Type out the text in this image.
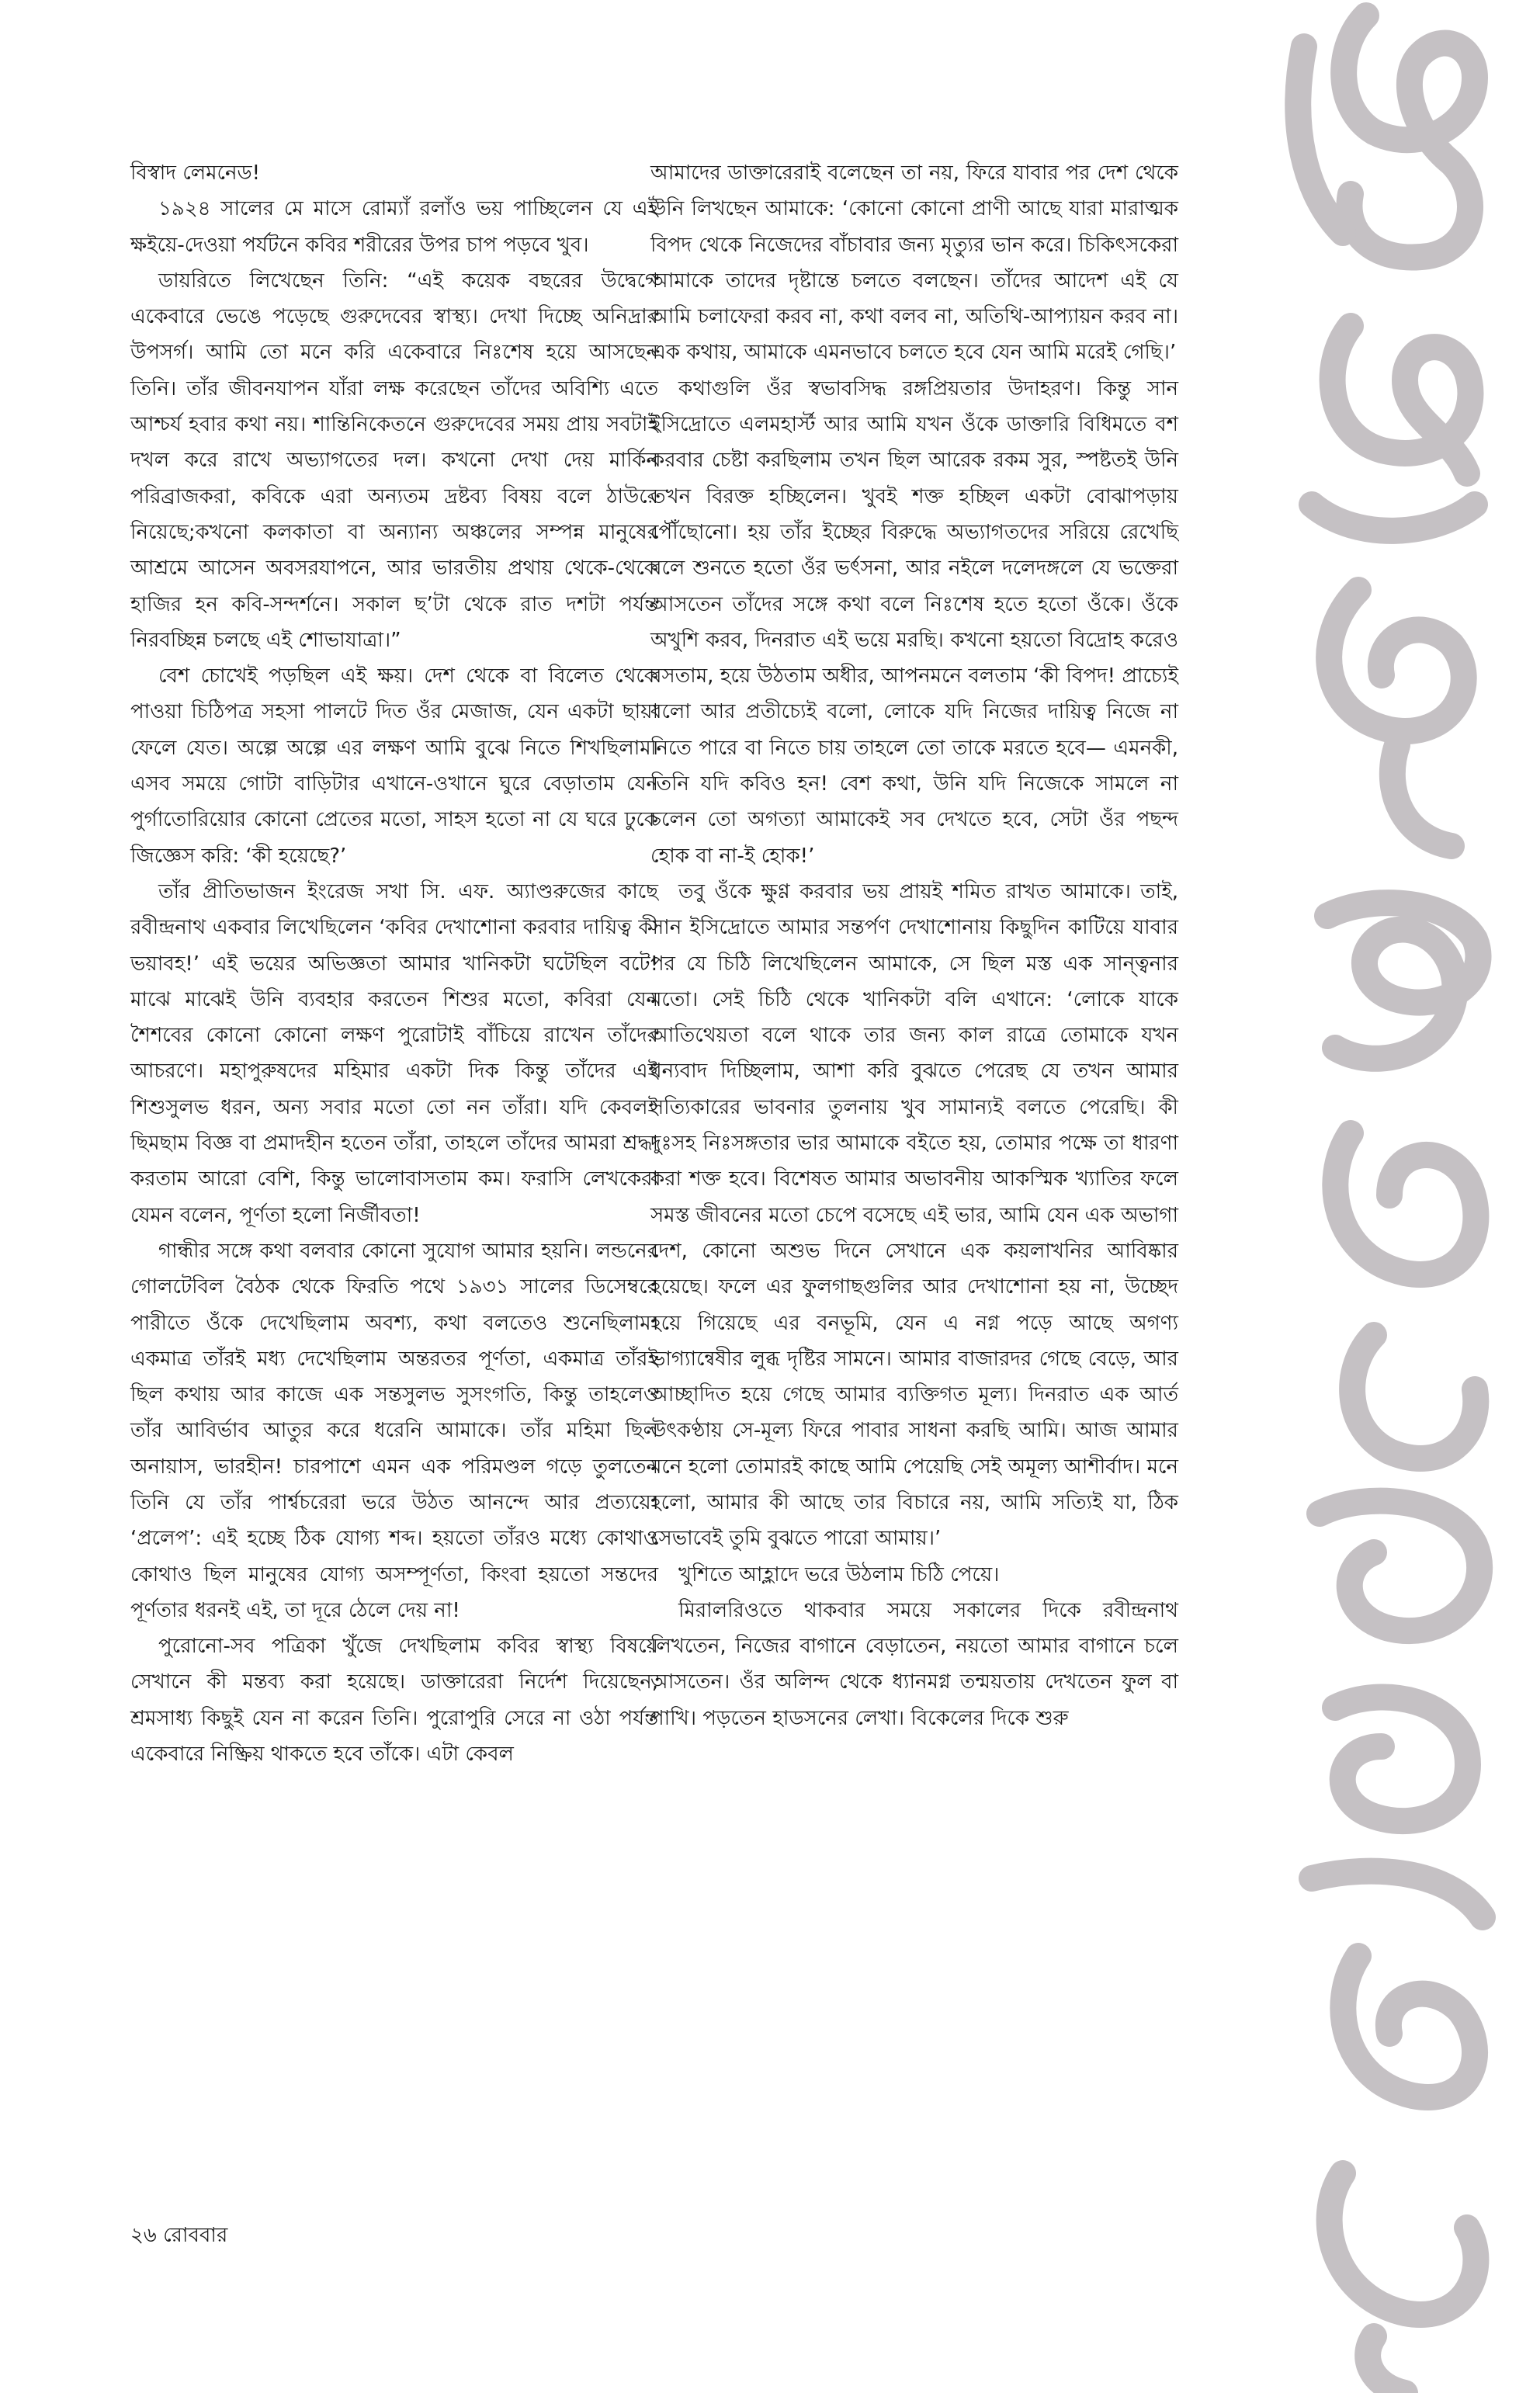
বিস্বাদ লেমনেড!

১৯২৪ সালের মে মাসে রোম্যাঁ রলাঁও ভয় পাচ্ছিলেন যে এই ক্ষইয়ে-দেওয়া পর্যটনে কবির শরীরের উপর চাপ পড়বে খুব।

ডায়রিতে লিখেছেন তিনি: “এই কয়েক বছরের উদ্বেগে একেবারে ভেঙে পড়েছে গুরুদেবের স্বাস্থ্য। দেখা দিচ্ছে অনিদ্রার উপসর্গ। আমি তো মনে করি একেবারে নিঃশেষ হয়ে আসছেন তিনি। তাঁর জীবনযাপন যাঁরা লক্ষ করেছেন তাঁদের অবিশ্যি এতে আশ্চর্য হবার কথা নয়। শান্তিনিকেতনে গুরুদেবের সময় প্রায় সবটাই দখল করে রাখে অভ্যাগতের দল। কখনো দেখা দেয় মার্কিন পরিব্রাজকরা, কবিকে এরা অন্যতম দ্রষ্টব্য বিষয় বলে ঠাউরে নিয়েছে;কখনো কলকাতা বা অন্যান্য অঞ্চলের সম্পন্ন মানুষের আশ্রমে আসেন অবসরযাপনে, আর ভারতীয় প্রথায় থেকে-থেকে হাজির হন কবি-সন্দর্শনে। সকাল ছ’টা থেকে রাত দশটা পর্যন্ত নিরবচ্ছিন্ন চলছে এই শোভাযাত্রা।”

বেশ চোখেই পড়ছিল এই ক্ষয়। দেশ থেকে বা বিলেত থেকে পাওয়া চিঠিপত্র সহসা পালটে দিত ওঁর মেজাজ, যেন একটা ছায়া ফেলে যেত। অল্পে অল্পে এর লক্ষণ আমি বুঝে নিতে শিখছিলাম। এসব সময়ে গোটা বাড়িটার এখানে-ওখানে ঘুরে বেড়াতাম যেন পুর্গাতোরিয়োর কোনো প্রেতের মতো, সাহস হতো না যে ঘরে ঢুকে জিজ্ঞেস করি: ‘কী হয়েছে?’

তাঁর প্রীতিভাজন ইংরেজ সখা সি. এফ. অ্যাণ্ডরুজের কাছে রবীন্দ্রনাথ একবার লিখেছিলেন ‘কবির দেখাশোনা করবার দায়িত্ব কী ভয়াবহ!’ এই ভয়ের অভিজ্ঞতা আমার খানিকটা ঘটেছিল বটে! মাঝে মাঝেই উনি ব্যবহার করতেন শিশুর মতো, কবিরা যেন শৈশবের কোনো কোনো লক্ষণ পুরোটাই বাঁচিয়ে রাখেন তাঁদের আচরণে। মহাপুরুষদের মহিমার একটা দিক কিন্তু তাঁদের এই শিশুসুলভ ধরন, অন্য সবার মতো তো নন তাঁরা। যদি কেবলই ছিমছাম বিজ্ঞ বা প্রমাদহীন হতেন তাঁরা, তাহলে তাঁদের আমরা শ্রদ্ধা করতাম আরো বেশি, কিন্তু ভালোবাসতাম কম। ফরাসি লেখকেরা যেমন বলেন, পূর্ণতা হলো নির্জীবতা!

গান্ধীর সঙ্গে কথা বলবার কোনো সুযোগ আমার হয়নি। লন্ডনের গোলটেবিল বৈঠক থেকে ফিরতি পথে ১৯৩১ সালের ডিসেম্বরে পারীতে ওঁকে দেখেছিলাম অবশ্য, কথা বলতেও শুনেছিলাম। একমাত্র তাঁরই মধ্য দেখেছিলাম অন্তরতর পূর্ণতা, একমাত্র তাঁরই ছিল কথায় আর কাজে এক সন্তসুলভ সুসংগতি, কিন্তু তাহলেও তাঁর আবির্ভাব আতুর করে ধরেনি আমাকে। তাঁর মহিমা ছিল অনায়াস, ভারহীন! চারপাশে এমন এক পরিমণ্ডল গড়ে তুলতেন তিনি যে তাঁর পার্শ্বচরেরা ভরে উঠত আনন্দে আর প্রত্যয়ে। ‘প্রলেপ’: এই হচ্ছে ঠিক যোগ্য শব্দ। হয়তো তাঁরও মধ্যে কোথাও কোথাও ছিল মানুষের যোগ্য অসম্পূর্ণতা, কিংবা হয়তো সন্তদের পূর্ণতার ধরনই এই, তা দূরে ঠেলে দেয় না!

পুরোনো-সব পত্রিকা খুঁজে দেখছিলাম কবির স্বাস্থ্য বিষয়ে সেখানে কী মন্তব্য করা হয়েছে। ডাক্তারেরা নির্দেশ দিয়েছেন, শ্রমসাধ্য কিছুই যেন না করেন তিনি। পুরোপুরি সেরে না ওঠা পর্যন্ত একেবারে নিষ্ক্রিয় থাকতে হবে তাঁকে। এটা কেবল

আমাদের ডাক্তারেরাই বলেছেন তা নয়, ফিরে যাবার পর দেশ থেকে উনি লিখছেন আমাকে: ‘কোনো কোনো প্রাণী আছে যারা মারাত্মক বিপদ থেকে নিজেদের বাঁচাবার জন্য মৃত্যুর ভান করে। চিকিৎসকেরা আমাকে তাদের দৃষ্টান্তে চলতে বলছেন। তাঁদের আদেশ এই যে আমি চলাফেরা করব না, কথা বলব না, অতিথি-আপ্যায়ন করব না। এক কথায়, আমাকে এমনভাবে চলতে হবে যেন আমি মরেই গেছি।’

কথাগুলি ওঁর স্বভাবসিদ্ধ রঙ্গপ্রিয়তার উদাহরণ। কিন্তু সান ইসিদ্রোতে এলমহার্স্ট আর আমি যখন ওঁকে ডাক্তারি বিধিমতে বশ করবার চেষ্টা করছিলাম তখন ছিল আরেক রকম সুর, স্পষ্টতই উনি তখন বিরক্ত হচ্ছিলেন। খুবই শক্ত হচ্ছিল একটা বোঝাপড়ায় পৌঁছোনো। হয় তাঁর ইচ্ছের বিরুদ্ধে অভ্যাগতদের সরিয়ে রেখেছি বলে শুনতে হতো ওঁর ভর্ৎসনা, আর নইলে দলেদঙ্গলে যে ভক্তেরা আসতেন তাঁদের সঙ্গে কথা বলে নিঃশেষ হতে হতো ওঁকে। ওঁকে অখুশি করব, দিনরাত এই ভয়ে মরছি। কখনো হয়তো বিদ্রোহ করেও বসতাম, হয়ে উঠতাম অধীর, আপনমনে বলতাম ‘কী বিপদ! প্রাচ্যেই বলো আর প্রতীচ্যেই বলো, লোকে যদি নিজের দায়িত্ব নিজে না নিতে পারে বা নিতে চায় তাহলে তো তাকে মরতে হবে— এমনকী, তিনি যদি কবিও হন! বেশ কথা, উনি যদি নিজেকে সামলে না চলেন তো অগত্যা আমাকেই সব দেখতে হবে, সেটা ওঁর পছন্দ হোক বা না-ই হোক!’

তবু ওঁকে ক্ষুণ্ণ করবার ভয় প্রায়ই শমিত রাখত আমাকে। তাই, সান ইসিদ্রোতে আমার সন্তর্পণ দেখাশোনায় কিছুদিন কাটিয়ে যাবার পর যে চিঠি লিখেছিলেন আমাকে, সে ছিল মস্ত এক সান্ত্বনার মতো। সেই চিঠি থেকে খানিকটা বলি এখানে: ‘লোকে যাকে আতিথেয়তা বলে থাকে তার জন্য কাল রাত্রে তোমাকে যখন ধন্যবাদ দিচ্ছিলাম, আশা করি বুঝতে পেরেছ যে তখন আমার সত্যিকারের ভাবনার তুলনায় খুব সামান্যই বলতে পেরেছি। কী দুঃসহ নিঃসঙ্গতার ভার আমাকে বইতে হয়, তোমার পক্ষে তা ধারণা করা শক্ত হবে। বিশেষত আমার অভাবনীয় আকস্মিক খ্যাতির ফলে সমস্ত জীবনের মতো চেপে বসেছে এই ভার, আমি যেন এক অভাগা দেশ, কোনো অশুভ দিনে সেখানে এক কয়লাখনির আবিষ্কার হয়েছে। ফলে এর ফুলগাছগুলির আর দেখাশোনা হয় না, উচ্ছেদ হয়ে গিয়েছে এর বনভূমি, যেন এ নগ্ন পড়ে আছে অগণ্য ভাগ্যান্বেষীর লুব্ধ দৃষ্টির সামনে। আমার বাজারদর গেছে বেড়ে, আর আচ্ছাদিত হয়ে গেছে আমার ব্যক্তিগত মূল্য। দিনরাত এক আর্ত উৎকণ্ঠায় সে-মূল্য ফিরে পাবার সাধনা করছি আমি। আজ আমার মনে হলো তোমারই কাছে আমি পেয়েছি সেই অমূল্য আশীর্বাদ। মনে হলো, আমার কী আছে তার বিচারে নয়, আমি সত্যিই যা, ঠিক সেভাবেই তুমি বুঝতে পারো আমায়।’

খুশিতে আহ্লাদে ভরে উঠলাম চিঠি পেয়ে।

মিরালরিওতে থাকবার সময়ে সকালের দিকে রবীন্দ্রনাথ লিখতেন, নিজের বাগানে বেড়াতেন, নয়তো আমার বাগানে চলে আসতেন। ওঁর অলিন্দ থেকে ধ্যানমগ্ন তন্ময়তায় দেখতেন ফুল বা পাখি। পড়তেন হাডসনের লেখা। বিকেলের দিকে শুরু

২৬ রোববার
